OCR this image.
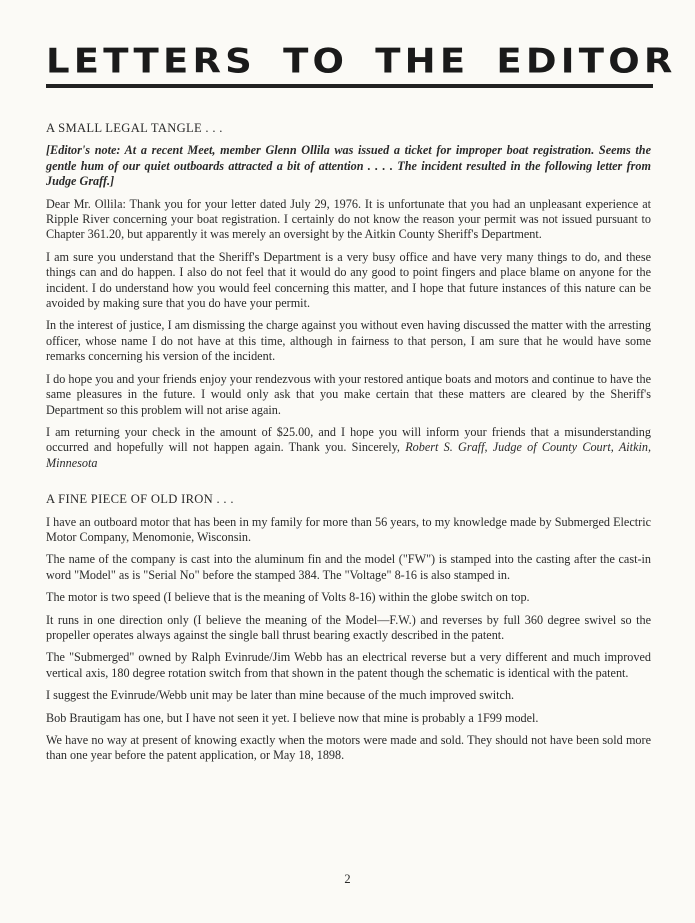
LETTERS TO THE EDITOR
A SMALL LEGAL TANGLE . . .

[Editor's note: At a recent Meet, member Glenn Ollila was issued a ticket for improper boat registration. Seems the gentle hum of our quiet outboards attracted a bit of attention . . . . The incident resulted in the following letter from Judge Graff.]

Dear Mr. Ollila: Thank you for your letter dated July 29, 1976. It is unfortunate that you had an unpleasant experience at Ripple River concerning your boat registration. I certainly do not know the reason your permit was not issued pursuant to Chapter 361.20, but apparently it was merely an oversight by the Aitkin County Sheriff's Department.

I am sure you understand that the Sheriff's Department is a very busy office and have very many things to do, and these things can and do happen. I also do not feel that it would do any good to point fingers and place blame on anyone for the incident. I do understand how you would feel concerning this matter, and I hope that future instances of this nature can be avoided by making sure that you do have your permit.

In the interest of justice, I am dismissing the charge against you without even having discussed the matter with the arresting officer, whose name I do not have at this time, although in fairness to that person, I am sure that he would have some remarks concerning his version of the incident.

I do hope you and your friends enjoy your rendezvous with your restored antique boats and motors and continue to have the same pleasures in the future. I would only ask that you make certain that these matters are cleared by the Sheriff's Department so this problem will not arise again.

I am returning your check in the amount of $25.00, and I hope you will inform your friends that a misunderstanding occurred and hopefully will not happen again. Thank you. Sincerely, Robert S. Graff, Judge of County Court, Aitkin, Minnesota

A FINE PIECE OF OLD IRON . . .

I have an outboard motor that has been in my family for more than 56 years, to my knowledge made by Submerged Electric Motor Company, Menomonie, Wisconsin.

The name of the company is cast into the aluminum fin and the model ("FW") is stamped into the casting after the cast-in word "Model" as is "Serial No" before the stamped 384. The "Voltage" 8-16 is also stamped in.

The motor is two speed (I believe that is the meaning of Volts 8-16) within the globe switch on top.

It runs in one direction only (I believe the meaning of the Model—F.W.) and reverses by full 360 degree swivel so the propeller operates always against the single ball thrust bearing exactly described in the patent.

The "Submerged" owned by Ralph Evinrude/Jim Webb has an electrical reverse but a very different and much improved vertical axis, 180 degree rotation switch from that shown in the patent though the schematic is identical with the patent.

I suggest the Evinrude/Webb unit may be later than mine because of the much improved switch.

Bob Brautigam has one, but I have not seen it yet. I believe now that mine is probably a 1F99 model.

We have no way at present of knowing exactly when the motors were made and sold. They should not have been sold more than one year before the patent application, or May 18, 1898.

2
